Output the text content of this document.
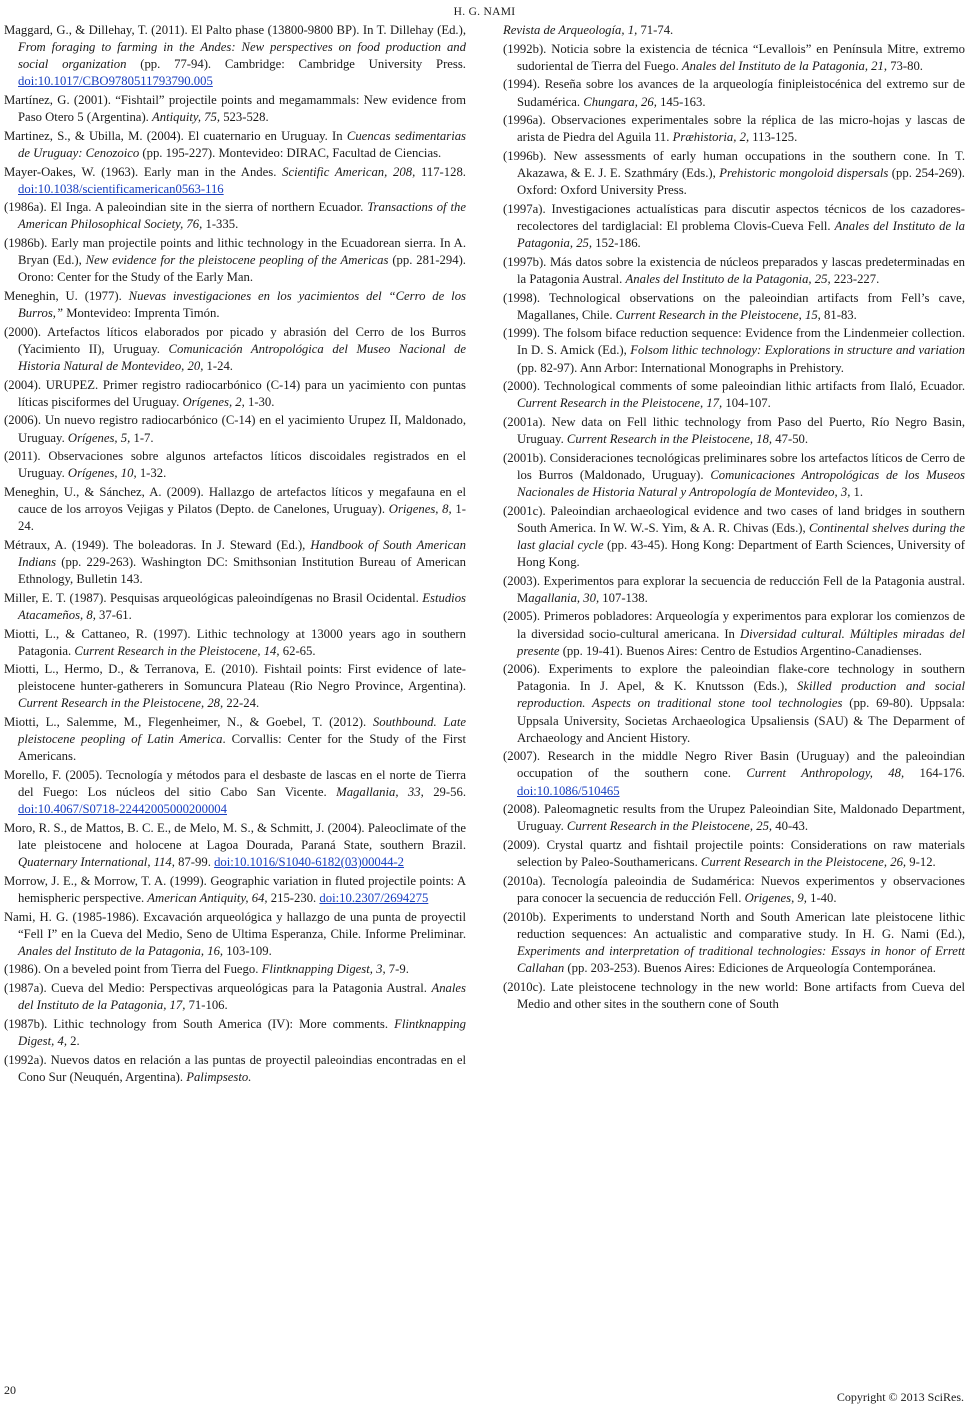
H. G. NAMI

Maggard, G., & Dillehay, T. (2011). El Palto phase (13800-9800 BP). In T. Dillehay (Ed.), From foraging to farming in the Andes: New perspectives on food production and social organization (pp. 77-94). Cambridge: Cambridge University Press. doi:10.1017/CBO9780511793790.005

Martínez, G. (2001). “Fishtail” projectile points and megamammals: New evidence from Paso Otero 5 (Argentina). Antiquity, 75, 523-528.

Martinez, S., & Ubilla, M. (2004). El cuaternario en Uruguay. In Cuencas sedimentarias de Uruguay: Cenozoico (pp. 195-227). Montevideo: DIRAC, Facultad de Ciencias.

Mayer-Oakes, W. (1963). Early man in the Andes. Scientific American, 208, 117-128. doi:10.1038/scientificamerican0563-116

(1986a). El Inga. A paleoindian site in the sierra of northern Ecuador. Transactions of the American Philosophical Society, 76, 1-335.

(1986b). Early man projectile points and lithic technology in the Ecuadorean sierra. In A. Bryan (Ed.), New evidence for the pleistocene peopling of the Americas (pp. 281-294). Orono: Center for the Study of the Early Man.

Meneghin, U. (1977). Nuevas investigaciones en los yacimientos del “Cerro de los Burros,” Montevideo: Imprenta Timón.

(2000). Artefactos líticos elaborados por picado y abrasión del Cerro de los Burros (Yacimiento II), Uruguay. Comunicación Antropológica del Museo Nacional de Historia Natural de Montevideo, 20, 1-24.

(2004). URUPEZ. Primer registro radiocarbónico (C-14) para un yacimiento con puntas líticas pisciformes del Uruguay. Orígenes, 2, 1-30.

(2006). Un nuevo registro radiocarbónico (C-14) en el yacimiento Urupez II, Maldonado, Uruguay. Orígenes, 5, 1-7.

(2011). Observaciones sobre algunos artefactos líticos discoidales registrados en el Uruguay. Orígenes, 10, 1-32.

Meneghin, U., & Sánchez, A. (2009). Hallazgo de artefactos líticos y megafauna en el cauce de los arroyos Vejigas y Pilatos (Depto. de Canelones, Uruguay). Origenes, 8, 1-24.

Métraux, A. (1949). The boleadoras. In J. Steward (Ed.), Handbook of South American Indians (pp. 229-263). Washington DC: Smithsonian Institution Bureau of American Ethnology, Bulletin 143.

Miller, E. T. (1987). Pesquisas arqueológicas paleoindígenas no Brasil Ocidental. Estudios Atacameños, 8, 37-61.

Miotti, L., & Cattaneo, R. (1997). Lithic technology at 13000 years ago in southern Patagonia. Current Research in the Pleistocene, 14, 62-65.

Miotti, L., Hermo, D., & Terranova, E. (2010). Fishtail points: First evidence of late-pleistocene hunter-gatherers in Somuncura Plateau (Rio Negro Province, Argentina). Current Research in the Pleistocene, 28, 22-24.

Miotti, L., Salemme, M., Flegenheimer, N., & Goebel, T. (2012). Southbound. Late pleistocene peopling of Latin America. Corvallis: Center for the Study of the First Americans.

Morello, F. (2005). Tecnología y métodos para el desbaste de lascas en el norte de Tierra del Fuego: Los núcleos del sitio Cabo San Vicente. Magallania, 33, 29-56. doi:10.4067/S0718-22442005000200004

Moro, R. S., de Mattos, B. C. E., de Melo, M. S., & Schmitt, J. (2004). Paleoclimate of the late pleistocene and holocene at Lagoa Dourada, Paraná State, southern Brazil. Quaternary International, 114, 87-99. doi:10.1016/S1040-6182(03)00044-2

Morrow, J. E., & Morrow, T. A. (1999). Geographic variation in fluted projectile points: A hemispheric perspective. American Antiquity, 64, 215-230. doi:10.2307/2694275

Nami, H. G. (1985-1986). Excavación arqueológica y hallazgo de una punta de proyectil “Fell I” en la Cueva del Medio, Seno de Ultima Esperanza, Chile. Informe Preliminar. Anales del Instituto de la Patagonia, 16, 103-109.

(1986). On a beveled point from Tierra del Fuego. Flintknapping Digest, 3, 7-9.

(1987a). Cueva del Medio: Perspectivas arqueológicas para la Patagonia Austral. Anales del Instituto de la Patagonia, 17, 71-106.

(1987b). Lithic technology from South America (IV): More comments. Flintknapping Digest, 4, 2.

(1992a). Nuevos datos en relación a las puntas de proyectil paleoindias encontradas en el Cono Sur (Neuquén, Argentina). Palimpsesto.

Revista de Arqueología, 1, 71-74.

(1992b). Noticia sobre la existencia de técnica “Levallois” en Península Mitre, extremo sudoriental de Tierra del Fuego. Anales del Instituto de la Patagonia, 21, 73-80.

(1994). Reseña sobre los avances de la arqueología finipleistocénica del extremo sur de Sudamérica. Chungara, 26, 145-163.

(1996a). Observaciones experimentales sobre la réplica de las micro-hojas y lascas de arista de Piedra del Aguila 11. Præhistoria, 2, 113-125.

(1996b). New assessments of early human occupations in the southern cone. In T. Akazawa, & E. J. E. Szathmáry (Eds.), Prehistoric mongoloid dispersals (pp. 254-269). Oxford: Oxford University Press.

(1997a). Investigaciones actualísticas para discutir aspectos técnicos de los cazadores-recolectores del tardiglacial: El problema Clovis-Cueva Fell. Anales del Instituto de la Patagonia, 25, 152-186.

(1997b). Más datos sobre la existencia de núcleos preparados y lascas predeterminadas en la Patagonia Austral. Anales del Instituto de la Patagonia, 25, 223-227.

(1998). Technological observations on the paleoindian artifacts from Fell’s cave, Magallanes, Chile. Current Research in the Pleistocene, 15, 81-83.

(1999). The folsom biface reduction sequence: Evidence from the Lindenmeier collection. In D. S. Amick (Ed.), Folsom lithic technology: Explorations in structure and variation (pp. 82-97). Ann Arbor: International Monographs in Prehistory.

(2000). Technological comments of some paleoindian lithic artifacts from Ilaló, Ecuador. Current Research in the Pleistocene, 17, 104-107.

(2001a). New data on Fell lithic technology from Paso del Puerto, Río Negro Basin, Uruguay. Current Research in the Pleistocene, 18, 47-50.

(2001b). Consideraciones tecnológicas preliminares sobre los artefactos líticos de Cerro de los Burros (Maldonado, Uruguay). Comunicaciones Antropológicas de los Museos Nacionales de Historia Natural y Antropología de Montevideo, 3, 1.

(2001c). Paleoindian archaeological evidence and two cases of land bridges in southern South America. In W. W.-S. Yim, & A. R. Chivas (Eds.), Continental shelves during the last glacial cycle (pp. 43-45). Hong Kong: Department of Earth Sciences, University of Hong Kong.

(2003). Experimentos para explorar la secuencia de reducción Fell de la Patagonia austral. Magallania, 30, 107-138.

(2005). Primeros pobladores: Arqueología y experimentos para explorar los comienzos de la diversidad socio-cultural americana. In Diversidad cultural. Múltiples miradas del presente (pp. 19-41). Buenos Aires: Centro de Estudios Argentino-Canadienses.

(2006). Experiments to explore the paleoindian flake-core technology in southern Patagonia. In J. Apel, & K. Knutsson (Eds.), Skilled production and social reproduction. Aspects on traditional stone tool technologies (pp. 69-80). Uppsala: Uppsala University, Societas Archaeologica Upsaliensis (SAU) & The Deparment of Archaeology and Ancient History.

(2007). Research in the middle Negro River Basin (Uruguay) and the paleoindian occupation of the southern cone. Current Anthropology, 48, 164-176. doi:10.1086/510465

(2008). Paleomagnetic results from the Urupez Paleoindian Site, Maldonado Department, Uruguay. Current Research in the Pleistocene, 25, 40-43.

(2009). Crystal quartz and fishtail projectile points: Considerations on raw materials selection by Paleo-Southamericans. Current Research in the Pleistocene, 26, 9-12.

(2010a). Tecnología paleoindia de Sudamérica: Nuevos experimentos y observaciones para conocer la secuencia de reducción Fell. Origenes, 9, 1-40.

(2010b). Experiments to understand North and South American late pleistocene lithic reduction sequences: An actualistic and comparative study. In H. G. Nami (Ed.), Experiments and interpretation of traditional technologies: Essays in honor of Errett Callahan (pp. 203-253). Buenos Aires: Ediciones de Arqueología Contemporánea.

(2010c). Late pleistocene technology in the new world: Bone artifacts from Cueva del Medio and other sites in the southern cone of South

20	Copyright © 2013 SciRes.
